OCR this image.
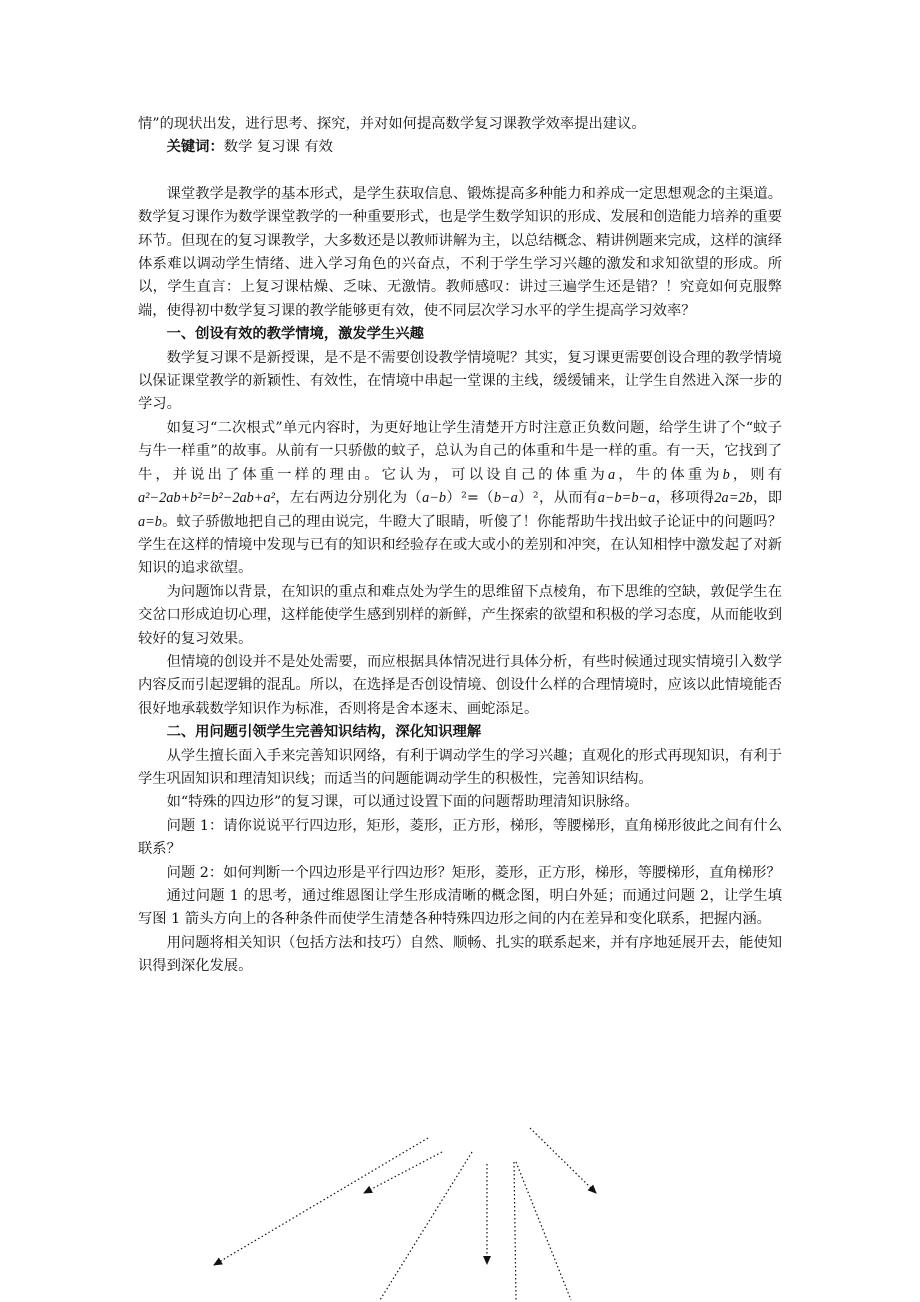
情”的现状出发，进行思考、探究，并对如何提高数学复习课教学效率提出建议。

关键词：数学 复习课 有效

课堂教学是教学的基本形式，是学生获取信息、锻炼提高多种能力和养成一定思想观念的主渠道。数学复习课作为数学课堂教学的一种重要形式，也是学生数学知识的形成、发展和创造能力培养的重要环节。但现在的复习课教学，大多数还是以教师讲解为主，以总结概念、精讲例题来完成，这样的演绎体系难以调动学生情绪、进入学习角色的兴奋点，不利于学生学习兴趣的激发和求知欲望的形成。所以，学生直言：上复习课枯燥、乏味、无激情。教师感叹：讲过三遍学生还是错？！究竟如何克服弊端，使得初中数学复习课的教学能够更有效，使不同层次学习水平的学生提高学习效率？

一、创设有效的教学情境，激发学生兴趣

数学复习课不是新授课，是不是不需要创设教学情境呢？其实，复习课更需要创设合理的教学情境以保证课堂教学的新颖性、有效性，在情境中串起一堂课的主线，缓缓铺来，让学生自然进入深一步的学习。

如复习“二次根式”单元内容时，为更好地让学生清楚开方时注意正负数问题，给学生讲了个“蚊子与牛一样重”的故事。从前有一只骄傲的蚊子，总认为自己的体重和牛是一样的重。有一天，它找到了牛，并说出了体重一样的理由。它认为，可以设自己的体重为a，牛的体重为b，则有a²−2ab+b²=b²−2ab+a²，左右两边分别化为（a−b）²=（b−a）²，从而有a−b=b−a，移项得2a=2b，即a=b。蚊子骄傲地把自己的理由说完，牛瞪大了眼睛，听傻了！你能帮助牛找出蚊子论证中的问题吗？学生在这样的情境中发现与已有的知识和经验存在或大或小的差别和冲突，在认知相悖中激发起了对新知识的追求欲望。

为问题饰以背景，在知识的重点和难点处为学生的思维留下点棱角，布下思维的空缺，敦促学生在交岔口形成迫切心理，这样能使学生感到别样的新鲜，产生探索的欲望和积极的学习态度，从而能收到较好的复习效果。

但情境的创设并不是处处需要，而应根据具体情况进行具体分析，有些时候通过现实情境引入数学内容反而引起逻辑的混乱。所以，在选择是否创设情境、创设什么样的合理情境时，应该以此情境能否很好地承载数学知识作为标准，否则将是舍本逐末、画蛇添足。

二、用问题引领学生完善知识结构，深化知识理解

从学生擅长面入手来完善知识网络，有利于调动学生的学习兴趣；直观化的形式再现知识，有利于学生巩固知识和理清知识线；而适当的问题能调动学生的积极性，完善知识结构。

如“特殊的四边形”的复习课，可以通过设置下面的问题帮助理清知识脉络。

问题 1：请你说说平行四边形，矩形，菱形，正方形，梯形，等腰梯形，直角梯形彼此之间有什么联系？

问题 2：如何判断一个四边形是平行四边形？矩形，菱形，正方形，梯形，等腰梯形，直角梯形？

通过问题 1 的思考，通过维恩图让学生形成清晰的概念图，明白外延；而通过问题 2，让学生填写图 1 箭头方向上的各种条件而使学生清楚各种特殊四边形之间的内在差异和变化联系，把握内涵。

用问题将相关知识（包括方法和技巧）自然、顺畅、扎实的联系起来，并有序地延展开去，能使知识得到深化发展。
